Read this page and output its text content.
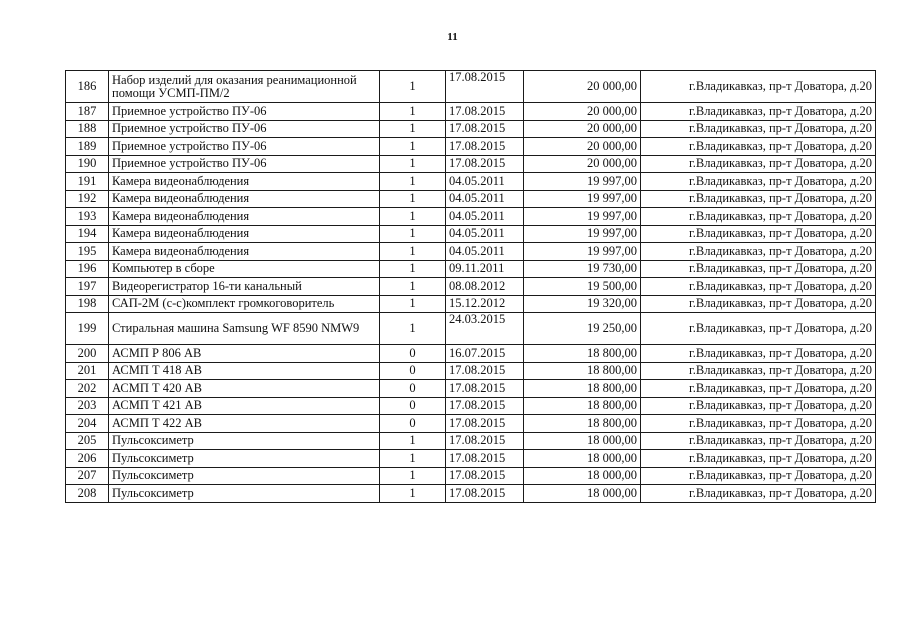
11
186	Набор изделий для оказания реанимационной помощи УСМП-ПМ/2	1	17.08.2015	20 000,00	г.Владикавказ, пр-т Доватора, д.20
187	Приемное устройство ПУ-06	1	17.08.2015	20 000,00	г.Владикавказ, пр-т Доватора, д.20
188	Приемное устройство ПУ-06	1	17.08.2015	20 000,00	г.Владикавказ, пр-т Доватора, д.20
189	Приемное устройство ПУ-06	1	17.08.2015	20 000,00	г.Владикавказ, пр-т Доватора, д.20
190	Приемное устройство ПУ-06	1	17.08.2015	20 000,00	г.Владикавказ, пр-т Доватора, д.20
191	Камера видеонаблюдения	1	04.05.2011	19 997,00	г.Владикавказ, пр-т Доватора, д.20
192	Камера видеонаблюдения	1	04.05.2011	19 997,00	г.Владикавказ, пр-т Доватора, д.20
193	Камера видеонаблюдения	1	04.05.2011	19 997,00	г.Владикавказ, пр-т Доватора, д.20
194	Камера видеонаблюдения	1	04.05.2011	19 997,00	г.Владикавказ, пр-т Доватора, д.20
195	Камера видеонаблюдения	1	04.05.2011	19 997,00	г.Владикавказ, пр-т Доватора, д.20
196	Компьютер в сборе	1	09.11.2011	19 730,00	г.Владикавказ, пр-т Доватора, д.20
197	Видеорегистратор 16-ти канальный	1	08.08.2012	19 500,00	г.Владикавказ, пр-т Доватора, д.20
198	САП-2М (с-с)комплект громкоговоритель	1	15.12.2012	19 320,00	г.Владикавказ, пр-т Доватора, д.20
199	Стиральная машина Samsung WF 8590 NMW9	1	24.03.2015	19 250,00	г.Владикавказ, пр-т Доватора, д.20
200	АСМП Р 806 АВ	0	16.07.2015	18 800,00	г.Владикавказ, пр-т Доватора, д.20
201	АСМП Т 418 АВ	0	17.08.2015	18 800,00	г.Владикавказ, пр-т Доватора, д.20
202	АСМП Т 420 АВ	0	17.08.2015	18 800,00	г.Владикавказ, пр-т Доватора, д.20
203	АСМП Т 421 АВ	0	17.08.2015	18 800,00	г.Владикавказ, пр-т Доватора, д.20
204	АСМП Т 422 АВ	0	17.08.2015	18 800,00	г.Владикавказ, пр-т Доватора, д.20
205	Пульсоксиметр	1	17.08.2015	18 000,00	г.Владикавказ, пр-т Доватора, д.20
206	Пульсоксиметр	1	17.08.2015	18 000,00	г.Владикавказ, пр-т Доватора, д.20
207	Пульсоксиметр	1	17.08.2015	18 000,00	г.Владикавказ, пр-т Доватора, д.20
208	Пульсоксиметр	1	17.08.2015	18 000,00	г.Владикавказ, пр-т Доватора, д.20
